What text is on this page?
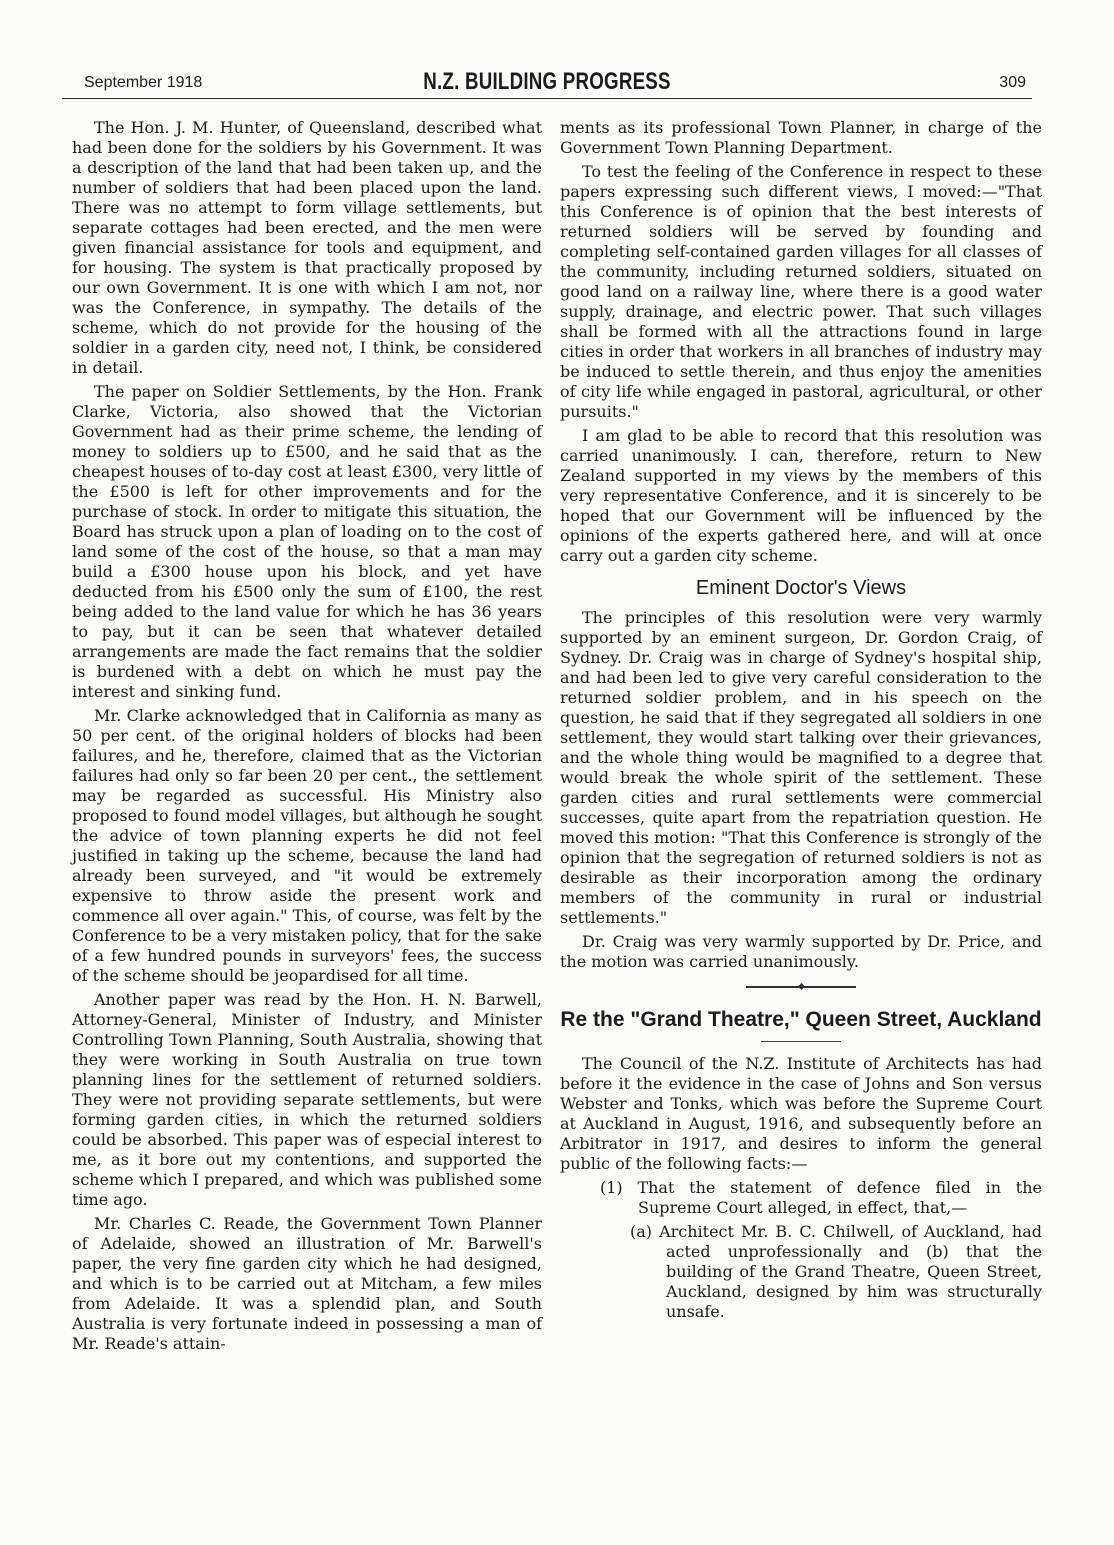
September 1918	N.Z. BUILDING PROGRESS	309

The Hon. J. M. Hunter, of Queensland, described what had been done for the soldiers by his Government. It was a description of the land that had been taken up, and the number of soldiers that had been placed upon the land. There was no attempt to form village settlements, but separate cottages had been erected, and the men were given financial assistance for tools and equipment, and for housing. The system is that practically proposed by our own Government. It is one with which I am not, nor was the Conference, in sympathy. The details of the scheme, which do not provide for the housing of the soldier in a garden city, need not, I think, be considered in detail.

The paper on Soldier Settlements, by the Hon. Frank Clarke, Victoria, also showed that the Victorian Government had as their prime scheme, the lending of money to soldiers up to £500, and he said that as the cheapest houses of to-day cost at least £300, very little of the £500 is left for other improvements and for the purchase of stock. In order to mitigate this situation, the Board has struck upon a plan of loading on to the cost of land some of the cost of the house, so that a man may build a £300 house upon his block, and yet have deducted from his £500 only the sum of £100, the rest being added to the land value for which he has 36 years to pay, but it can be seen that whatever detailed arrangements are made the fact remains that the soldier is burdened with a debt on which he must pay the interest and sinking fund.

Mr. Clarke acknowledged that in California as many as 50 per cent. of the original holders of blocks had been failures, and he, therefore, claimed that as the Victorian failures had only so far been 20 per cent., the settlement may be regarded as successful. His Ministry also proposed to found model villages, but although he sought the advice of town planning experts he did not feel justified in taking up the scheme, because the land had already been surveyed, and "it would be extremely expensive to throw aside the present work and commence all over again." This, of course, was felt by the Conference to be a very mistaken policy, that for the sake of a few hundred pounds in surveyors' fees, the success of the scheme should be jeopardised for all time.

Another paper was read by the Hon. H. N. Barwell, Attorney-General, Minister of Industry, and Minister Controlling Town Planning, South Australia, showing that they were working in South Australia on true town planning lines for the settlement of returned soldiers. They were not providing separate settlements, but were forming garden cities, in which the returned soldiers could be absorbed. This paper was of especial interest to me, as it bore out my contentions, and supported the scheme which I prepared, and which was published some time ago.

Mr. Charles C. Reade, the Government Town Planner of Adelaide, showed an illustration of Mr. Barwell's paper, the very fine garden city which he had designed, and which is to be carried out at Mitcham, a few miles from Adelaide. It was a splendid plan, and South Australia is very fortunate indeed in possessing a man of Mr. Reade's attain-

ments as its professional Town Planner, in charge of the Government Town Planning Department.

To test the feeling of the Conference in respect to these papers expressing such different views, I moved:—"That this Conference is of opinion that the best interests of returned soldiers will be served by founding and completing self-contained garden villages for all classes of the community, including returned soldiers, situated on good land on a railway line, where there is a good water supply, drainage, and electric power. That such villages shall be formed with all the attractions found in large cities in order that workers in all branches of industry may be induced to settle therein, and thus enjoy the amenities of city life while engaged in pastoral, agricultural, or other pursuits."

I am glad to be able to record that this resolution was carried unanimously. I can, therefore, return to New Zealand supported in my views by the members of this very representative Conference, and it is sincerely to be hoped that our Government will be influenced by the opinions of the experts gathered here, and will at once carry out a garden city scheme.

Eminent Doctor's Views

The principles of this resolution were very warmly supported by an eminent surgeon, Dr. Gordon Craig, of Sydney. Dr. Craig was in charge of Sydney's hospital ship, and had been led to give very careful consideration to the returned soldier problem, and in his speech on the question, he said that if they segregated all soldiers in one settlement, they would start talking over their grievances, and the whole thing would be magnified to a degree that would break the whole spirit of the settlement. These garden cities and rural settlements were commercial successes, quite apart from the repatriation question. He moved this motion: "That this Conference is strongly of the opinion that the segregation of returned soldiers is not as desirable as their incorporation among the ordinary members of the community in rural or industrial settlements."

Dr. Craig was very warmly supported by Dr. Price, and the motion was carried unanimously.

Re the "Grand Theatre," Queen Street, Auckland

The Council of the N.Z. Institute of Architects has had before it the evidence in the case of Johns and Son versus Webster and Tonks, which was before the Supreme Court at Auckland in August, 1916, and subsequently before an Arbitrator in 1917, and desires to inform the general public of the following facts:—

(1) That the statement of defence filed in the Supreme Court alleged, in effect, that,—
(a) Architect Mr. B. C. Chilwell, of Auckland, had acted unprofessionally and (b) that the building of the Grand Theatre, Queen Street, Auckland, designed by him was structurally unsafe.
